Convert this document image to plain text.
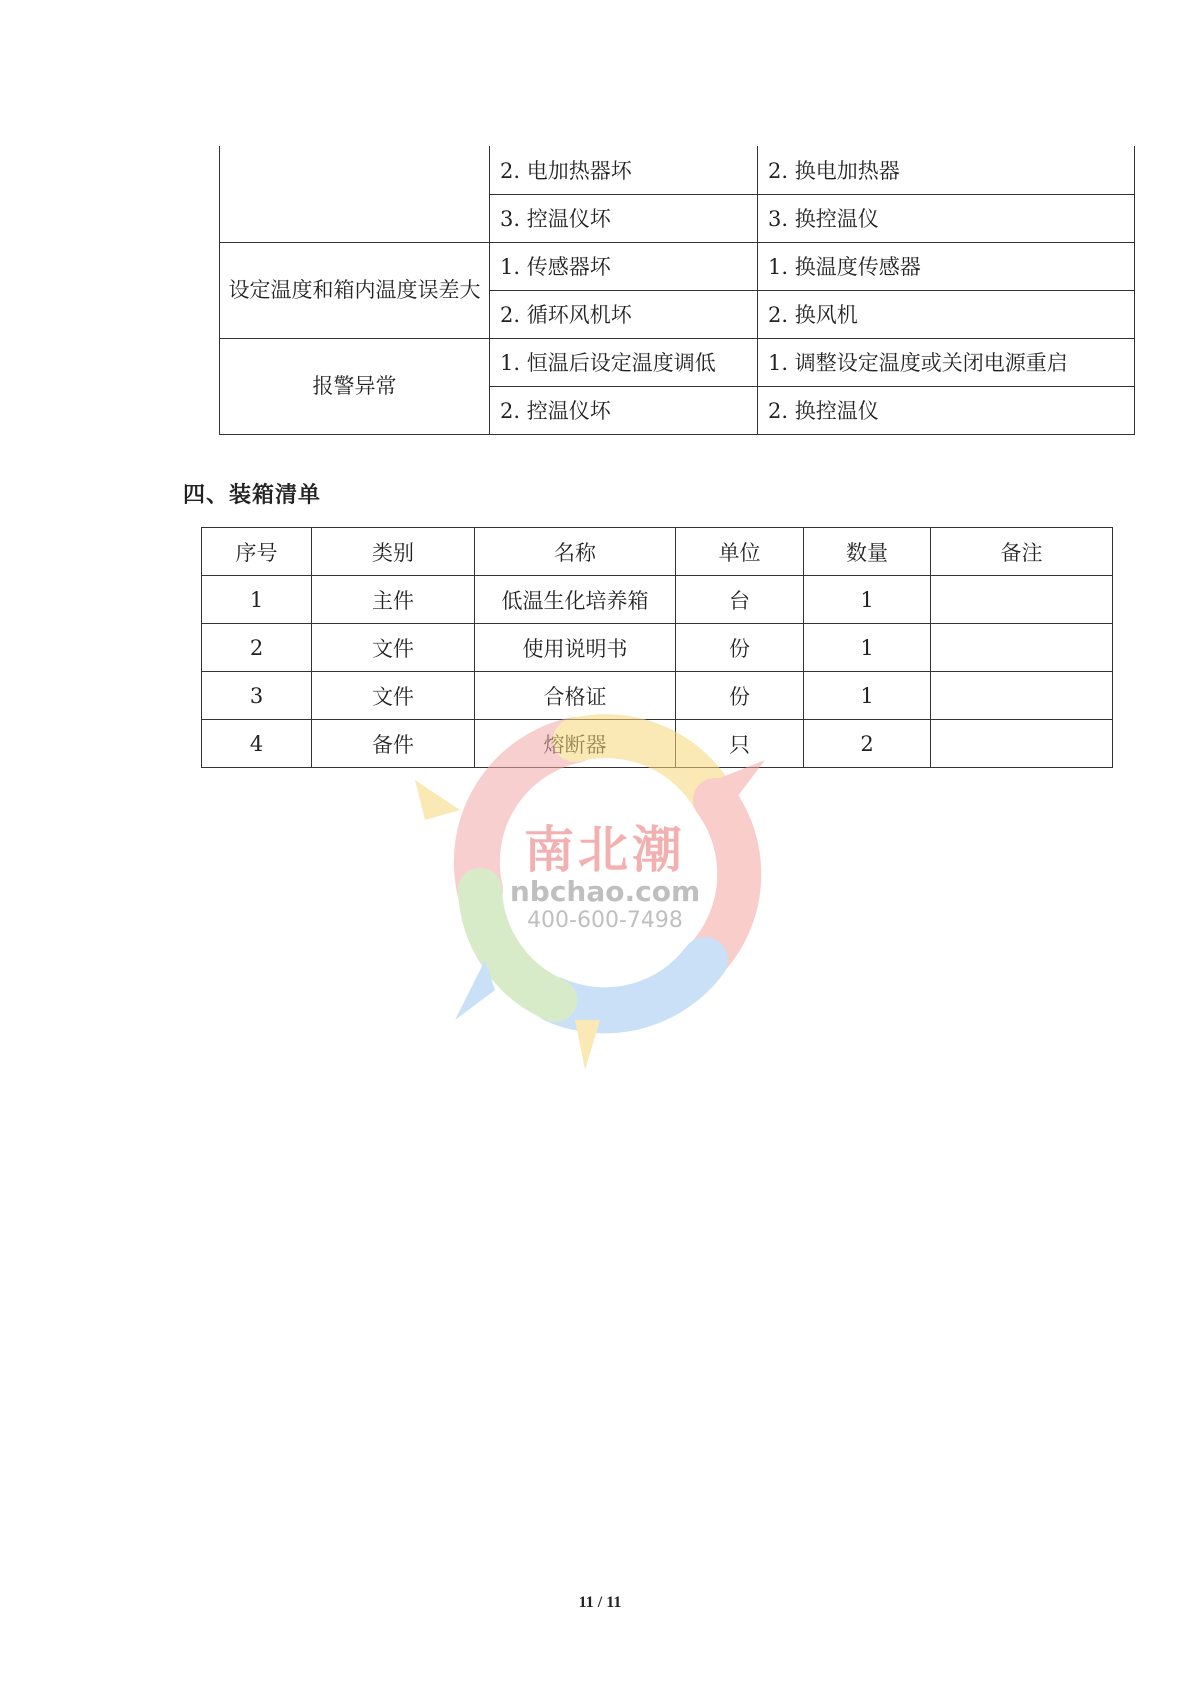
	2. 电加热器坏	2. 换电加热器
	3. 控温仪坏	3. 换控温仪
设定温度和箱内温度误差大	1. 传感器坏	1. 换温度传感器
	2. 循环风机坏	2. 换风机
报警异常	1. 恒温后设定温度调低	1. 调整设定温度或关闭电源重启
	2. 控温仪坏	2. 换控温仪
四、装箱清单
序号	类别	名称	单位	数量	备注
1	主件	低温生化培养箱	台	1	
2	文件	使用说明书	份	1	
3	文件	合格证	份	1	
4	备件	熔断器	只	2	
南北潮
nbchao.com
400-600-7498
11 / 11
